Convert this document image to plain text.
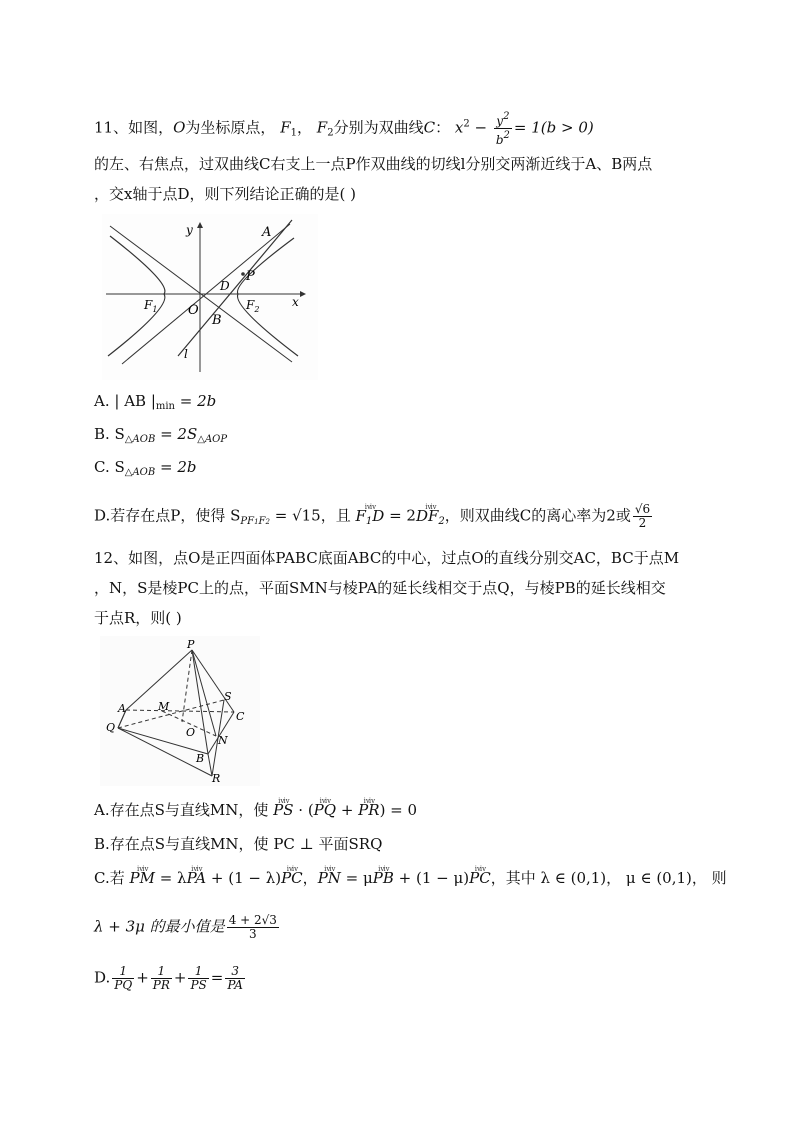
11、如图，O为坐标原点， $F_1$， $F_2$分别为双曲线C： $x^2 - \frac{y^2}{b^2} = 1(b > 0)$
的左、右焦点，过双曲线C右支上一点P作双曲线的切线l分别交两渐近线于A、B两点
，交x轴于点D，则下列结论正确的是( )
y
x
A
P
D
$F_1$	$F_2$
O
B
l
A. | AB $|_{min} = 2b$
B. $S_{\triangle AOB} = 2S_{\triangle AOP}$
C. $S_{\triangle AOB} = 2b$
D.若存在点P，使得 $S_{PF1F2} = √15$，且 ⅳⅳ $F_1D$ = 2ⅳⅳ $DF_2$，则双曲线C的离心率为2或 $\frac{√6}{2}$
12、如图，点O是正四面体PABC底面ABC的中心，过点O的直线分别交AC，BC于点M
，N，S是棱PC上的点，平面SMN与棱PA的延长线相交于点Q，与棱PB的延长线相交
于点R，则( )
P
S
A	M
C
Q	O
N
B
R
A.存在点S与直线MN，使 ⅳⅳ PS · (ⅳⅳ PQ + ⅳⅳ PR) = 0
B.存在点S与直线MN，使 PC ⊥ 平面SRQ
C.若 ⅳⅳ PM = λⅳⅳ PA + (1 − λ)ⅳⅳ PC，ⅳⅳ PN = μⅳⅳ PB + (1 − μ)ⅳⅳ PC，其中 λ ∈ (0,1)， μ ∈ (0,1)， 则
λ + 3μ 的最小值是 $\frac{4 + 2√3}{3}$
D. $\frac{1}{PQ} + \frac{1}{PR} + \frac{1}{PS} = \frac{3}{PA}$
